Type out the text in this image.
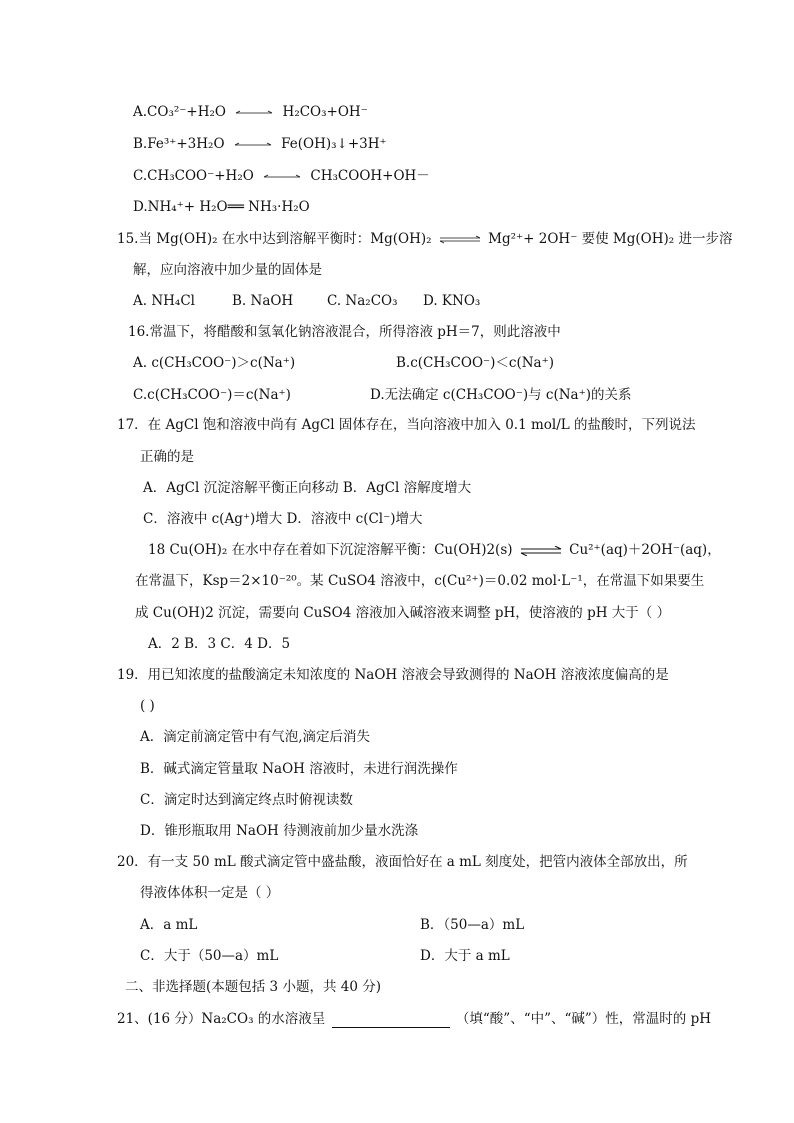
A.CO₃²⁻+H₂O	H₂CO₃+OH⁻
B.Fe³⁺+3H₂O	Fe(OH)₃↓+3H⁺
C.CH₃COO⁻+H₂O	CH₃COOH+OH－
D.NH₄⁺+ H₂O══ NH₃·H₂O
15.当 Mg(OH)₂ 在水中达到溶解平衡时：Mg(OH)₂ ⇌ Mg²⁺+ 2OH⁻ 要使 Mg(OH)₂ 进一步溶
解，应向溶液中加少量的固体是
A. NH₄Cl	B. NaOH	C. Na₂CO₃ D. KNO₃
16.常温下，将醋酸和氢氧化钠溶液混合，所得溶液 pH＝7，则此溶液中
A. c(CH₃COO⁻)＞c(Na⁺)	B.c(CH₃COO⁻)＜c(Na⁺)
C.c(CH₃COO⁻)＝c(Na⁺)	D.无法确定 c(CH₃COO⁻)与 c(Na⁺)的关系
17．在 AgCl 饱和溶液中尚有 AgCl 固体存在，当向溶液中加入 0.1 mol/L 的盐酸时，下列说法
正确的是
A．AgCl 沉淀溶解平衡正向移动 B．AgCl 溶解度增大
C．溶液中 c(Ag⁺)增大 D．溶液中 c(Cl⁻)增大
18 Cu(OH)₂ 在水中存在着如下沉淀溶解平衡：Cu(OH)2(s) ⇌ Cu²⁺(aq)＋2OH⁻(aq)，
在常温下，Ksp＝2×10⁻²⁰。某 CuSO4 溶液中，c(Cu²⁺)＝0.02 mol·L⁻¹，在常温下如果要生
成 Cu(OH)2 沉淀，需要向 CuSO4 溶液加入碱溶液来调整 pH，使溶液的 pH 大于（ ）
A．2 B．3 C．4 D．5
19．用已知浓度的盐酸滴定未知浓度的 NaOH 溶液会导致测得的 NaOH 溶液浓度偏高的是
( )
A．滴定前滴定管中有气泡,滴定后消失
B．碱式滴定管量取 NaOH 溶液时，未进行润洗操作
C．滴定时达到滴定终点时俯视读数
D．锥形瓶取用 NaOH 待测液前加少量水洗涤
20．有一支 50 mL 酸式滴定管中盛盐酸，液面恰好在 a mL 刻度处，把管内液体全部放出，所
得液体体积一定是（ ）
A．a mL	B．（50—a）mL
C．大于（50—a）mL	D．大于 a mL
二、非选择题(本题包括 3 小题，共 40 分)
21、(16 分）Na₂CO₃ 的水溶液呈	（填“酸”、“中”、“碱”）性，常温时的 pH
